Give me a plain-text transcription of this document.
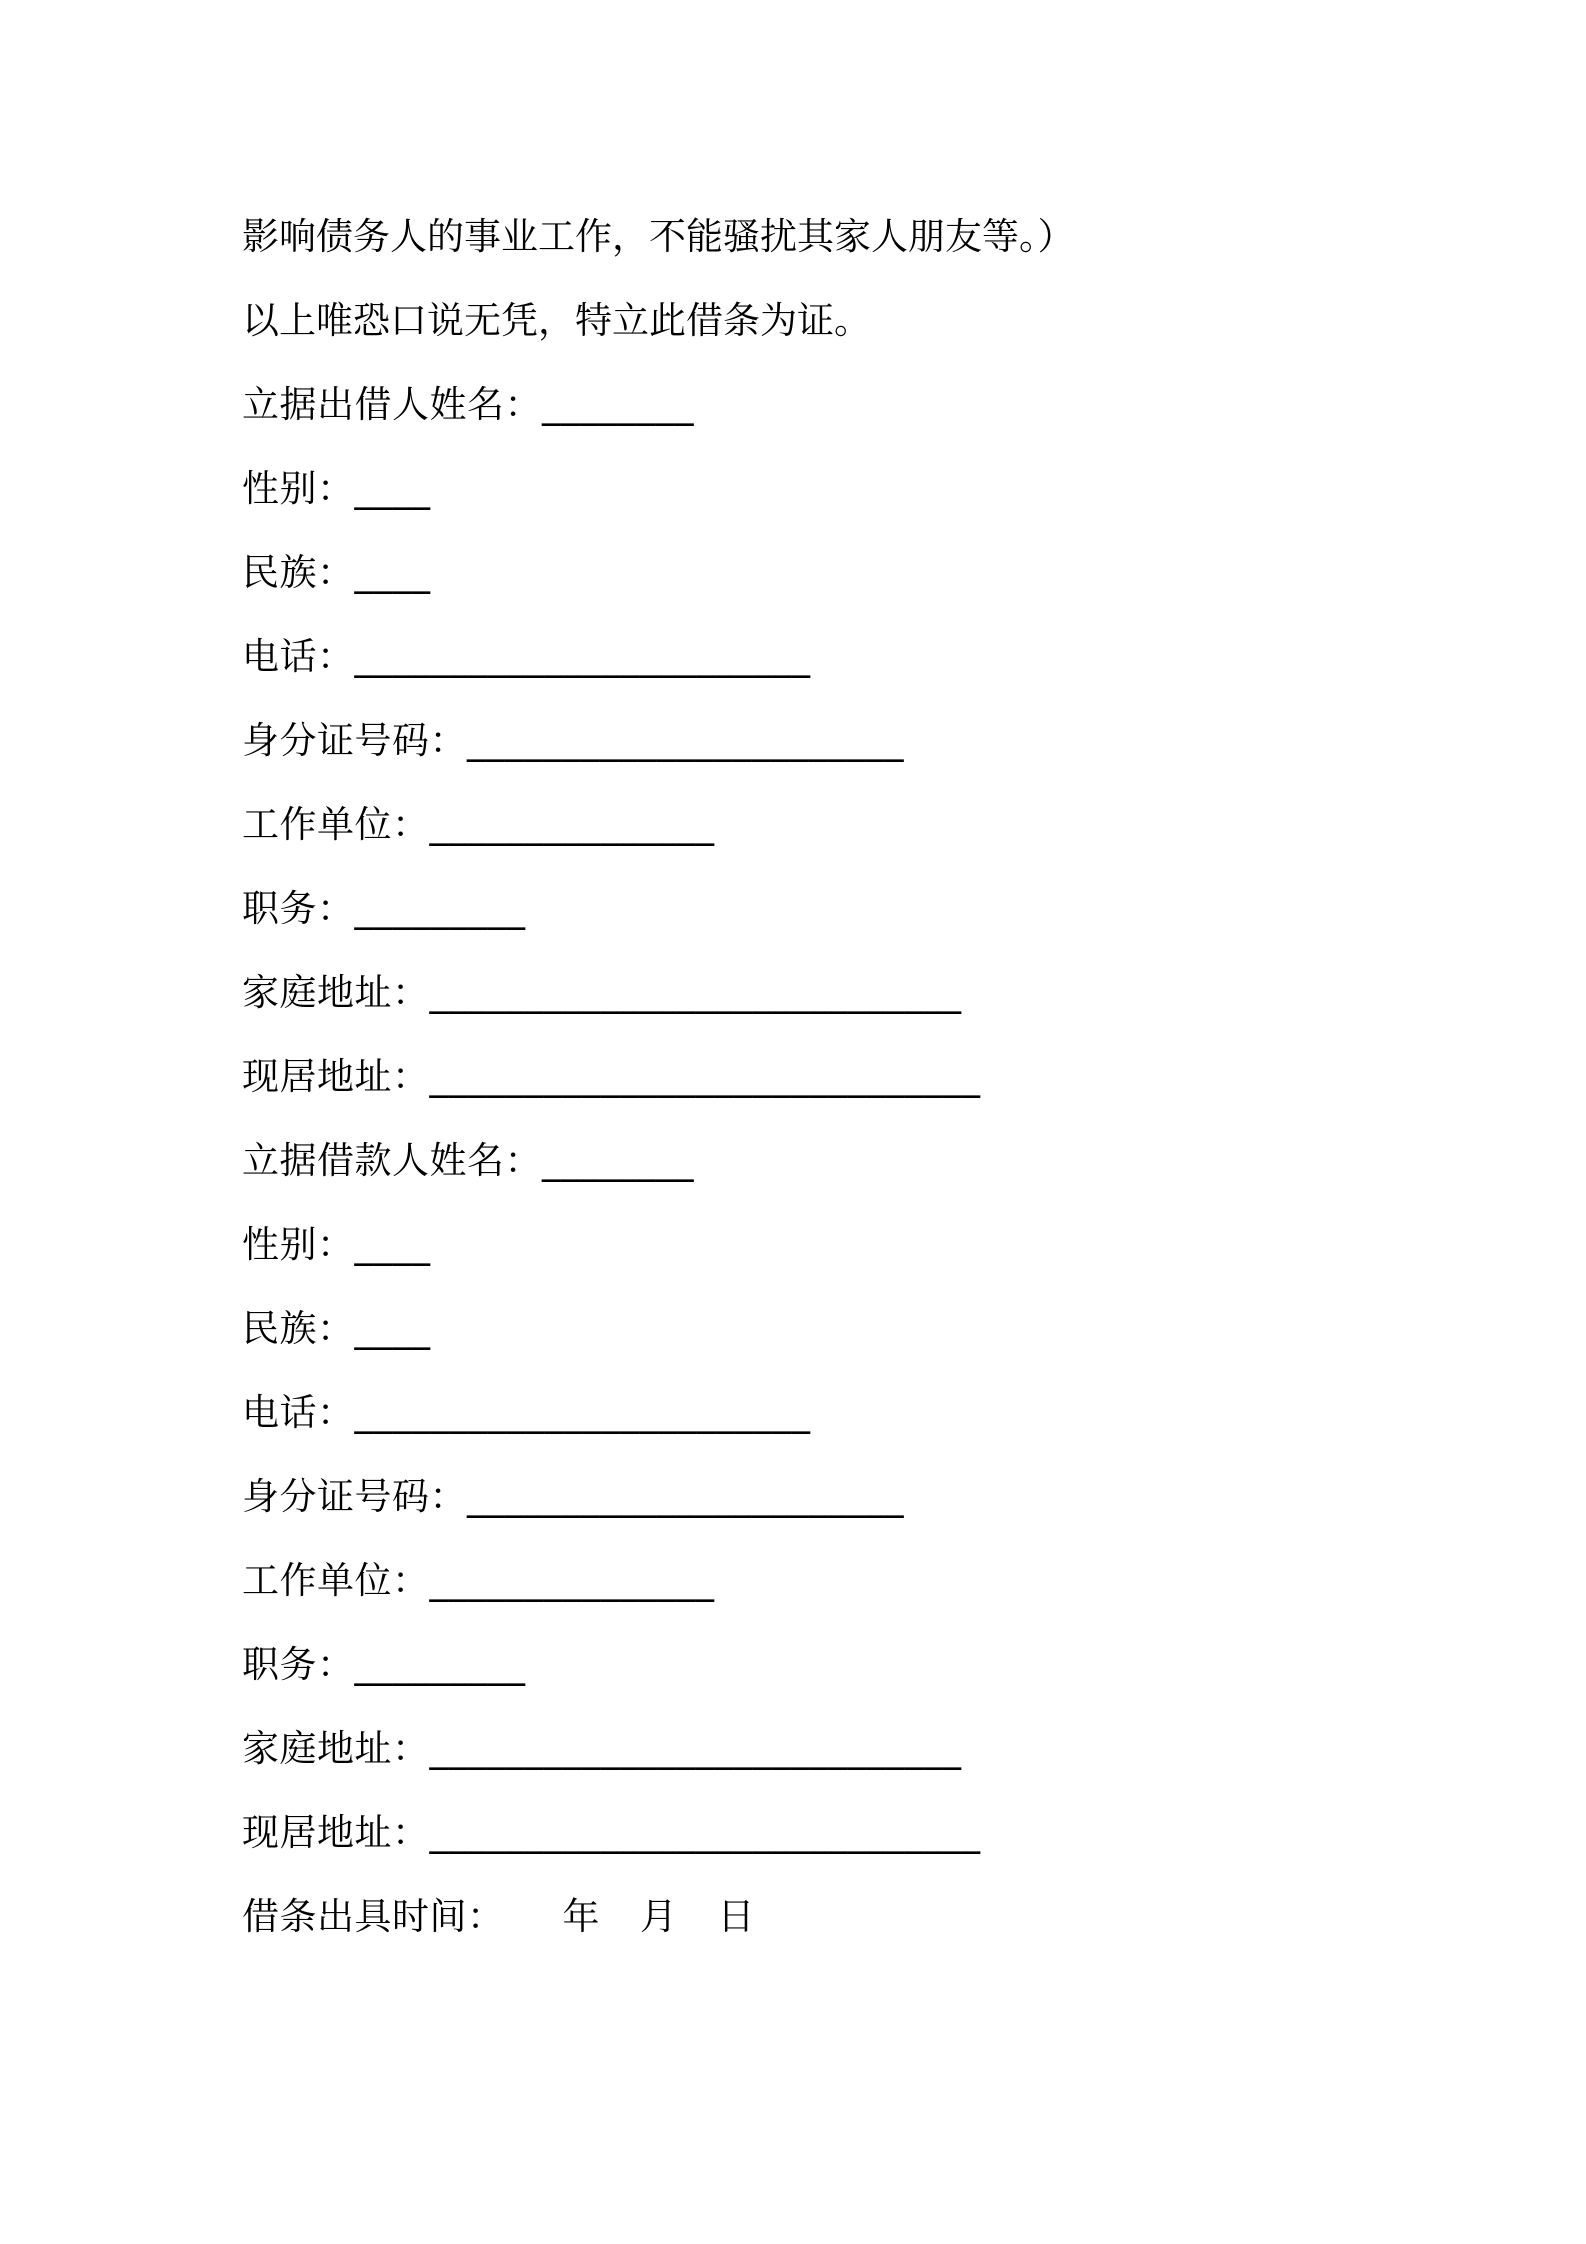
影响债务人的事业工作，不能骚扰其家人朋友等。）
以上唯恐口说无凭，特立此借条为证。
立据出借人姓名：________
性别：____
民族：____
电话：________________________
身分证号码：_______________________
工作单位：_______________
职务：_________
家庭地址：____________________________
现居地址：_____________________________
立据借款人姓名：________
性别：____
民族：____
电话：________________________
身分证号码：_______________________
工作单位：_______________
职务：_________
家庭地址：____________________________
现居地址：_____________________________
借条出具时间： 年 月 日
